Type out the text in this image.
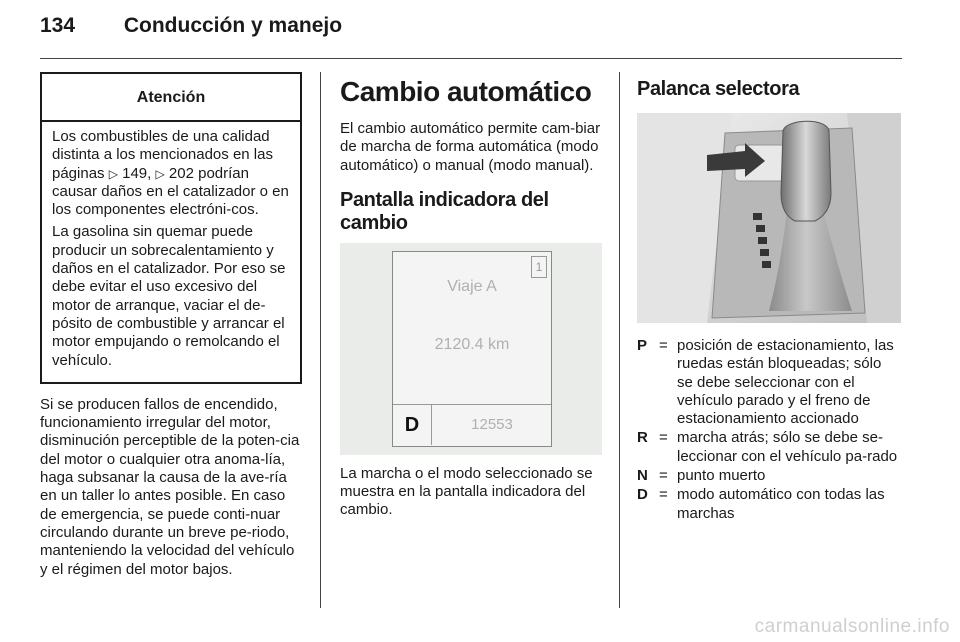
134 Conducción y manejo
Atención

Los combustibles de una calidad distinta a los mencionados en las páginas ▷ 149, ▷ 202 podrían causar daños en el catalizador o en los componentes electróni-cos.

La gasolina sin quemar puede producir un sobrecalentamiento y daños en el catalizador. Por eso se debe evitar el uso excesivo del motor de arranque, vaciar el de-pósito de combustible y arrancar el motor empujando o remolcando el vehículo.

Si se producen fallos de encendido, funcionamiento irregular del motor, disminución perceptible de la poten-cia del motor o cualquier otra anoma-lía, haga subsanar la causa de la ave-ría en un taller lo antes posible. En caso de emergencia, se puede conti-nuar circulando durante un breve pe-riodo, manteniendo la velocidad del vehículo y el régimen del motor bajos.

Cambio automático

El cambio automático permite cam-biar de marcha de forma automática (modo automático) o manual (modo manual).

Pantalla indicadora del cambio
1
Viaje A
2120.4 km
D	12553

La marcha o el modo seleccionado se muestra en la pantalla indicadora del cambio.

Palanca selectora
P = posición de estacionamiento, las ruedas están bloqueadas; sólo se debe seleccionar con el vehículo parado y el freno de estacionamiento accionado
R = marcha atrás; sólo se debe se-leccionar con el vehículo pa-rado
N = punto muerto
D = modo automático con todas las marchas
carmanualsonline.info
